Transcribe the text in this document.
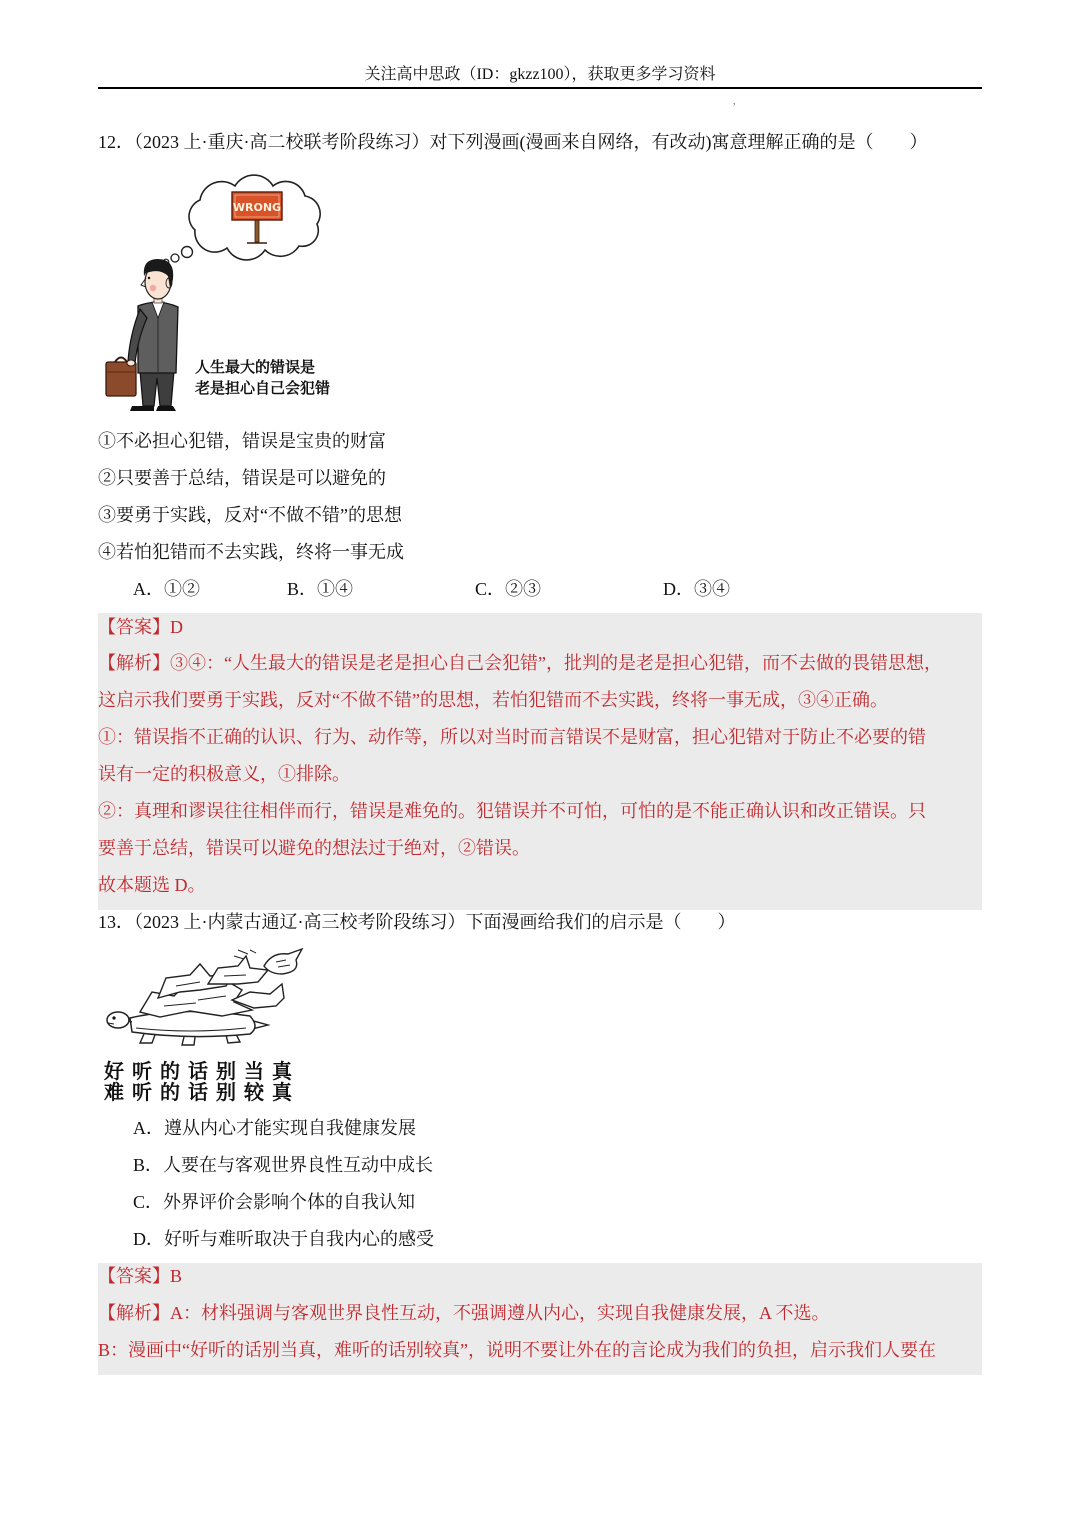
关注高中思政（ID：gkzz100），获取更多学习资料
,
12．（2023 上·重庆·高二校联考阶段练习）对下列漫画(漫画来自网络，有改动)寓意理解正确的是（　　）
WRONG
人生最大的错误是
老是担心自己会犯错
①不必担心犯错，错误是宝贵的财富
②只要善于总结，错误是可以避免的
③要勇于实践，反对“不做不错”的思想
④若怕犯错而不去实践，终将一事无成
A．①②	B．①④	C．②③	D．③④
【答案】D
【解析】③④：“人生最大的错误是老是担心自己会犯错”，批判的是老是担心犯错，而不去做的畏错思想，
这启示我们要勇于实践，反对“不做不错”的思想，若怕犯错而不去实践，终将一事无成，③④正确。
①：错误指不正确的认识、行为、动作等，所以对当时而言错误不是财富，担心犯错对于防止不必要的错
误有一定的积极意义，①排除。
②：真理和谬误往往相伴而行，错误是难免的。犯错误并不可怕，可怕的是不能正确认识和改正错误。只
要善于总结，错误可以避免的想法过于绝对，②错误。
故本题选 D。
13．（2023 上·内蒙古通辽·高三校考阶段练习）下面漫画给我们的启示是（　　）
好听的话别当真
难听的话别较真
A．遵从内心才能实现自我健康发展
B．人要在与客观世界良性互动中成长
C．外界评价会影响个体的自我认知
D．好听与难听取决于自我内心的感受
【答案】B
【解析】A：材料强调与客观世界良性互动，不强调遵从内心，实现自我健康发展，A 不选。
B：漫画中“好听的话别当真，难听的话别较真”，说明不要让外在的言论成为我们的负担，启示我们人要在
